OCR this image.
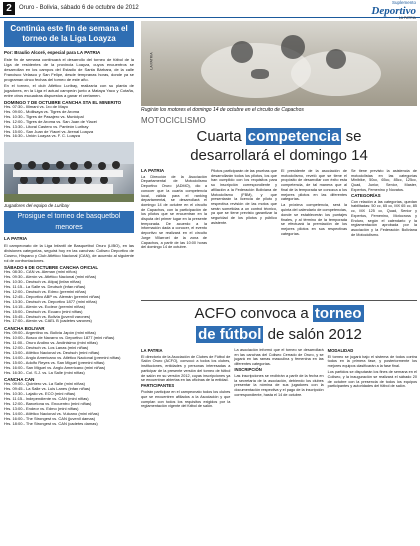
2	Oruro - Bolivia, sábado 6 de octubre de 2012
Suplemento
Deportivo
LA PATRIA
Continúa este fin de semana el torneo de la Liga Loayza
Por: Braulio Alcoré, especial para LA PATRIA

Este fin de semana continuará el desarrollo del torneo de fútbol de la Liga de residentes de la provincia Loayza, cuyos encuentros se desarrollan en los campos del Estadio de Santa Bárbara, de la calle Francisco Velasco y San Felipe, desde tempranas horas, donde ya se programan cinco fechas del torneo de este año.

En el torneo, el club Atlético Luribay, realizaría con su planta de jugadores, en la Liga el actual campeón junto a Mataya Yaco y Cotaña, entre otros escuadras dispuestos a ganar el certamen.

DOMINGO 7 DE OCTUBRE CANCHA STA EL MINERITO
Hrs. 07:30.- Illimani vs. 1ro de Mayo
Hrs. 09:00.- Mollisaya vs. Tigres de Aroma
Hrs. 10:30.- Tigres de Pasajero vs. Municipal
Hrs. 12:00.- Tigres de Aroma vs. San Juan de Ylacei
Hrs. 13:30.- Litoral Castero vs. Panteón Luribay
Hrs. 15:00.- San Juan de Ylacei vs. Arenal Loayza
Hrs. 16:30.- Unión Loayza vs. F. C. Loayza
Jugadores del equipo de Luribay
Prosigue el torneo de basquetbol menores
LA PATRIA

El campeonato de la Liga Infantil de Basquetbol Oruro (LIBO), en las divisiones categorías, seguirá hoy en las canchas: Coliseo Deportivo de Cosmo, Hispano y Club Atlético Nacional (CAN), de acuerdo al siguiente rol de confrontaciones.

SÁBADO 6 DE OCTUBRE CANCHA OFICIAL
Hrs. 08:30.- CAN vs. Aleman (mini niños)
Hrs. 09:30.- Alerón vs. Atlético Nacional (mini niñas)
Hrs. 10:30.- Deutsch vs. Atipaj (infan niñas)
Hrs. 11:15.- La Salle vs. Deutsch (infan niñas)
Hrs. 12:00.- Deutsch vs. Edmo (premini niñas)
Hrs. 12:45.- Deportivo ABP vs. Alemán (premini niñas)
Hrs. 13:30.- Deutsch vs. Deportivo 1877 (mini niñas)
Hrs. 14:15.- Alerón vs. Ecdeor (premini niñas)
Hrs. 15:00.- Deutsch vs. Ecuaro (mini niñas)
Hrs. 15:45.- Deutsch vs. Bolivia (juvenil varones)
Hrs. 17:00.- Alerón vs. CAEL B (cadetes varones)
CANCHA BOLIVAR
Hrs. 09:00.- Argentino vs. Bolivia Japón (mini niñas)
Hrs. 10:00.- Bosco de Navarro vs. Deportivo 1877 (mini niñas)
Hrs. 11:00.- Oruro Andino vs. Andinisimo (mini niñas)
Hrs. 12:00.- Deutsch vs. Los Lanas (mini niñas)
Hrs. 13:00.- Atlético Nacional vs. Deutsch (mini niñas)
Hrs. 14:00.- Anglo Americano vs. Atlético Nacional (premini niñas)
Hrs. 15:00.- Adolfo Reyes vs. San Miguel (premini niñas)
Hrs. 16:00.- San Miguel vs. Anglo Americano (mini niñas)
Hrs. 16:30.- Col. S.J. vs. La Salle (mini niñas)
CANCHA CAN
Hrs. 09:00.- Quintero vs. La Salle (mini niñas)
Hrs. 09:45.- La Salle vs. Luis Lanes (infan niñas)
Hrs. 10:30.- Lajailo vs. ECO (mini niñas)
Hrs. 11:15.- Independiente vs. CAN (mini niñas)
Hrs. 12:00.- Barcelona vs. Encuentro (mini niñas)
Hrs. 13:00.- Endeor vs. Edmo (mini niñas)
Hrs. 14:00.- Atlético Nacional vs. Vulcano (mini niñas)
Hrs. 16:00.- The Strongest vs. CAN (juvenil damas)
Hrs. 18:00.- The Strongest vs. CAN (cadetes damas)
LA PATRIA
Rugirán los motores el domingo 14 de octubre en el circuito de Capachos
MOTOCICLISMO
Cuarta competencia se
desarrollará el domingo 14
LA PATRIA

La Dirección de la Asociación Departamental de Motociclismo Deportivo Oruro (ADMO), dio a conocer que la cuarta competencia local, válida para el ranking departamental, se desarrollará el domingo 14 de octubre en el circuito de Capachos, con la participación de los pilotos que se encuentran en la disputa del primer lugar en la presente temporada. De acuerdo a la información dada a conocer, el evento deportivo se realizará en el circuito Jorge Villarroel de la zona de Capachos, a partir de las 10:00 horas del domingo 14 de octubre.

Pilotos participarán de las pruebas que desarrollarán todos los pilotos, los que han cumplido con los requisitos para su inscripción correspondiente y afiliación a la Federación Boliviana de Motociclismo (FBM), y que presentarán la licencia de piloto y respectiva revisión de las motos que serán sometidas a un control técnico, ya que se tiene previsto garantizar la seguridad de los pilotos y público asistente.

El presidente de la asociación de motociclismo, reveló que se tiene el propósito de desarrollar con éxito esta competencia, de tal manera que al final de la temporada se conozca a los mejores pilotos en las diferentes categorías.

La próxima competencia, será la quinta del calendario de competencias, donde se establecerán los puntajes finales, y al término de la temporada se efectuará la premiación de los mejores pilotos en sus respectivas categorías.

Se tiene previsto la asistencia de motociclistas en las categorías Minibike, 50cc, 65cc, 85cc, 125cc, Quad, Junior, Senior, Master, Expertos, Femenino y Novatos.

CATEGORÍAS

Con relación a las categorías, quedan habilitadas: 50 cc, 65 cc, MX 65 cc, 85 cc, MX 125 cc, Quad, Senior y Expertos, Femenino, Motocross y Enduro, según el calendario y la reglamentación aprobada por la asociación y la Federación Boliviana de Motociclismo.

ACFO convoca a torneo
de fútbol de salón 2012
LA PATRIA

El directorio de la Asociación de Clubes de Fútbol de Salón Oruro (ACFO), convocó a todos los clubes, instituciones, entidades y personas interesadas a participar de la presente versión del torneo de fútbol de salón en su versión 2012, cuyas inscripciones ya se encuentran abiertas en las oficinas de la entidad.

PARTICIPANTES

Podrán participar en el campeonato todos los clubes que se encuentren afiliados a la Asociación y que cumplan con todos los requisitos exigidos por la reglamentación vigente del fútbol de salón.

La asociación informó que el torneo se desarrollará en las canchas del Coliseo Cerrado de Oruro, y se jugará en las ramas masculina y femenina en las diferentes categorías.

INSCRIPCIÓN

Las inscripciones se recibirán a partir de la fecha en la secretaría de la asociación, debiendo los clubes presentar la nómina de sus jugadores con la documentación respectiva y el pago de la inscripción correspondiente, hasta el 14 de octubre.

MODALIDAD

El torneo se jugará bajo el sistema de todos contra todos en la primera fase, y posteriormente los mejores equipos clasificarán a la fase final.

Los partidos se disputarán los fines de semana en el Coliseo, y la inauguración se realizará el sábado 20 de octubre con la presencia de todos los equipos participantes y autoridades del fútbol de salón.
